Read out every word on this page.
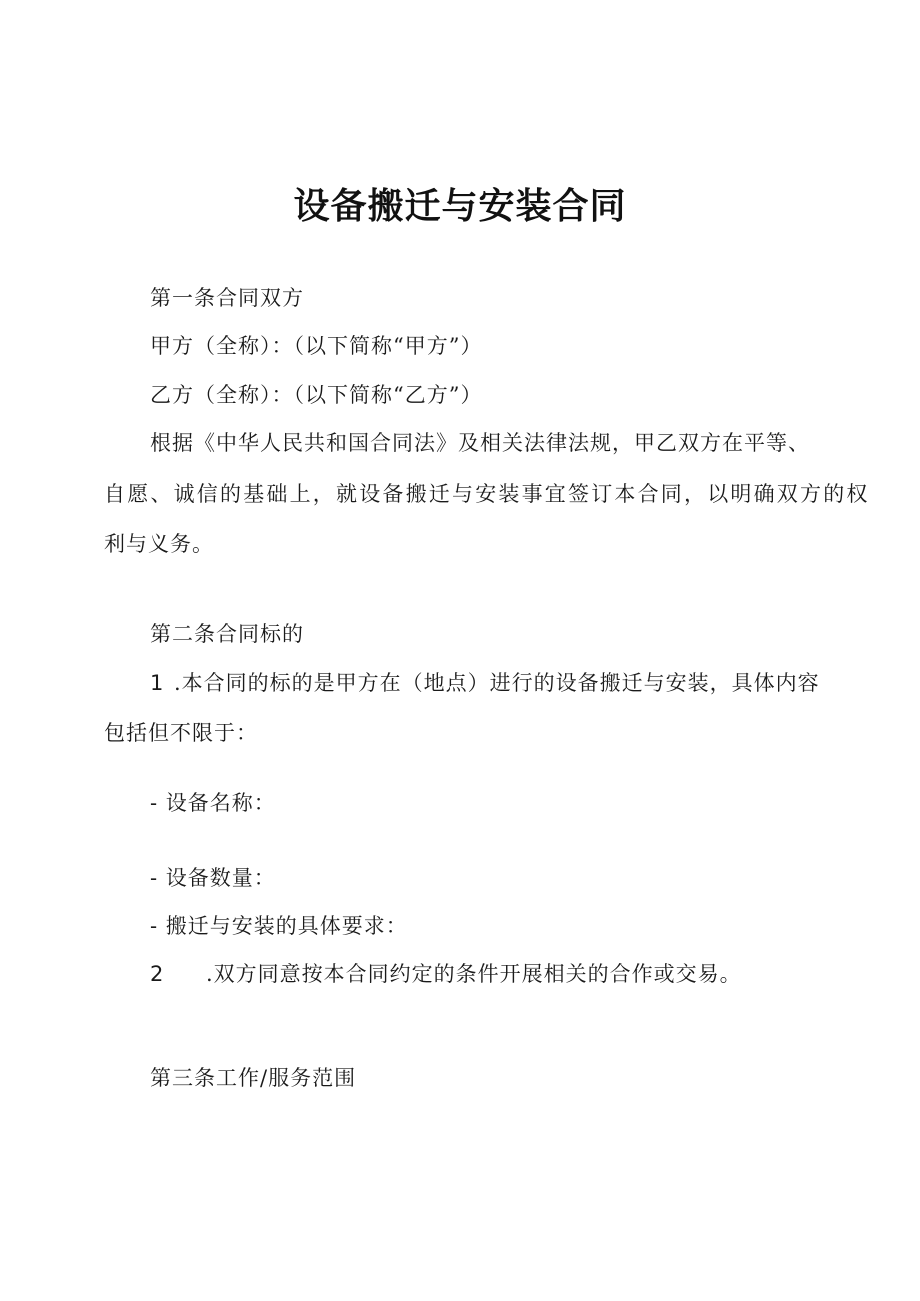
设备搬迁与安装合同
第一条合同双方
甲方（全称）：（以下简称“甲方”）
乙方（全称）：（以下简称“乙方”）
根据《中华人民共和国合同法》及相关法律法规，甲乙双方在平等、
自愿、诚信的基础上，就设备搬迁与安装事宜签订本合同，以明确双方的权
利与义务。
第二条合同标的
1 .本合同的标的是甲方在（地点）进行的设备搬迁与安装，具体内容
包括但不限于：
- 设备名称：
- 设备数量：
- 搬迁与安装的具体要求：
2 .双方同意按本合同约定的条件开展相关的合作或交易。
第三条工作/服务范围
